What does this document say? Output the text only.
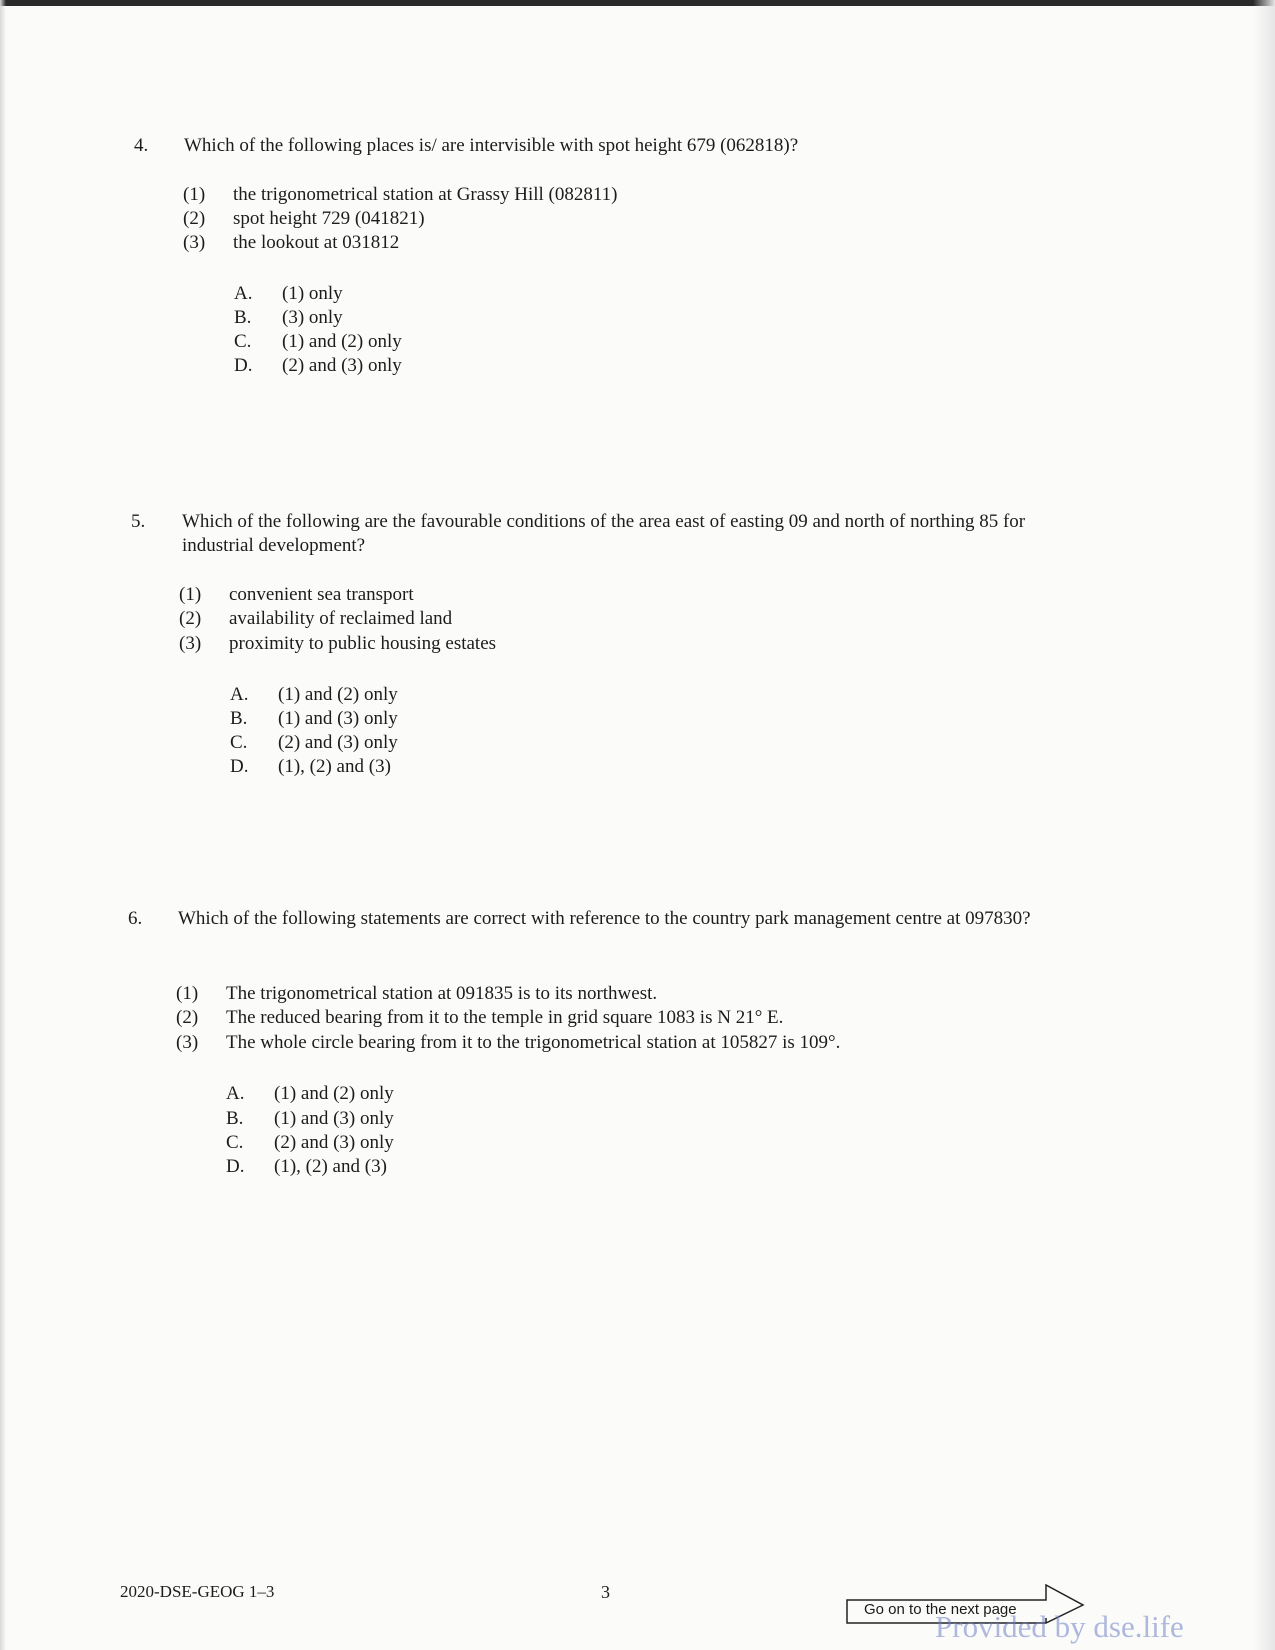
4. Which of the following places is/ are intervisible with spot height 679 (062818)?
(1) the trigonometrical station at Grassy Hill (082811)
(2) spot height 729 (041821)
(3) the lookout at 031812
A. (1) only
B. (3) only
C. (1) and (2) only
D. (2) and (3) only
5. Which of the following are the favourable conditions of the area east of easting 09 and north of northing 85 for industrial development?
(1) convenient sea transport
(2) availability of reclaimed land
(3) proximity to public housing estates
A. (1) and (2) only
B. (1) and (3) only
C. (2) and (3) only
D. (1), (2) and (3)
6. Which of the following statements are correct with reference to the country park management centre at 097830?
(1) The trigonometrical station at 091835 is to its northwest.
(2) The reduced bearing from it to the temple in grid square 1083 is N 21° E.
(3) The whole circle bearing from it to the trigonometrical station at 105827 is 109°.
A. (1) and (2) only
B. (1) and (3) only
C. (2) and (3) only
D. (1), (2) and (3)
2020-DSE-GEOG 1–3	3
Go on to the next page
Provided by dse.life
